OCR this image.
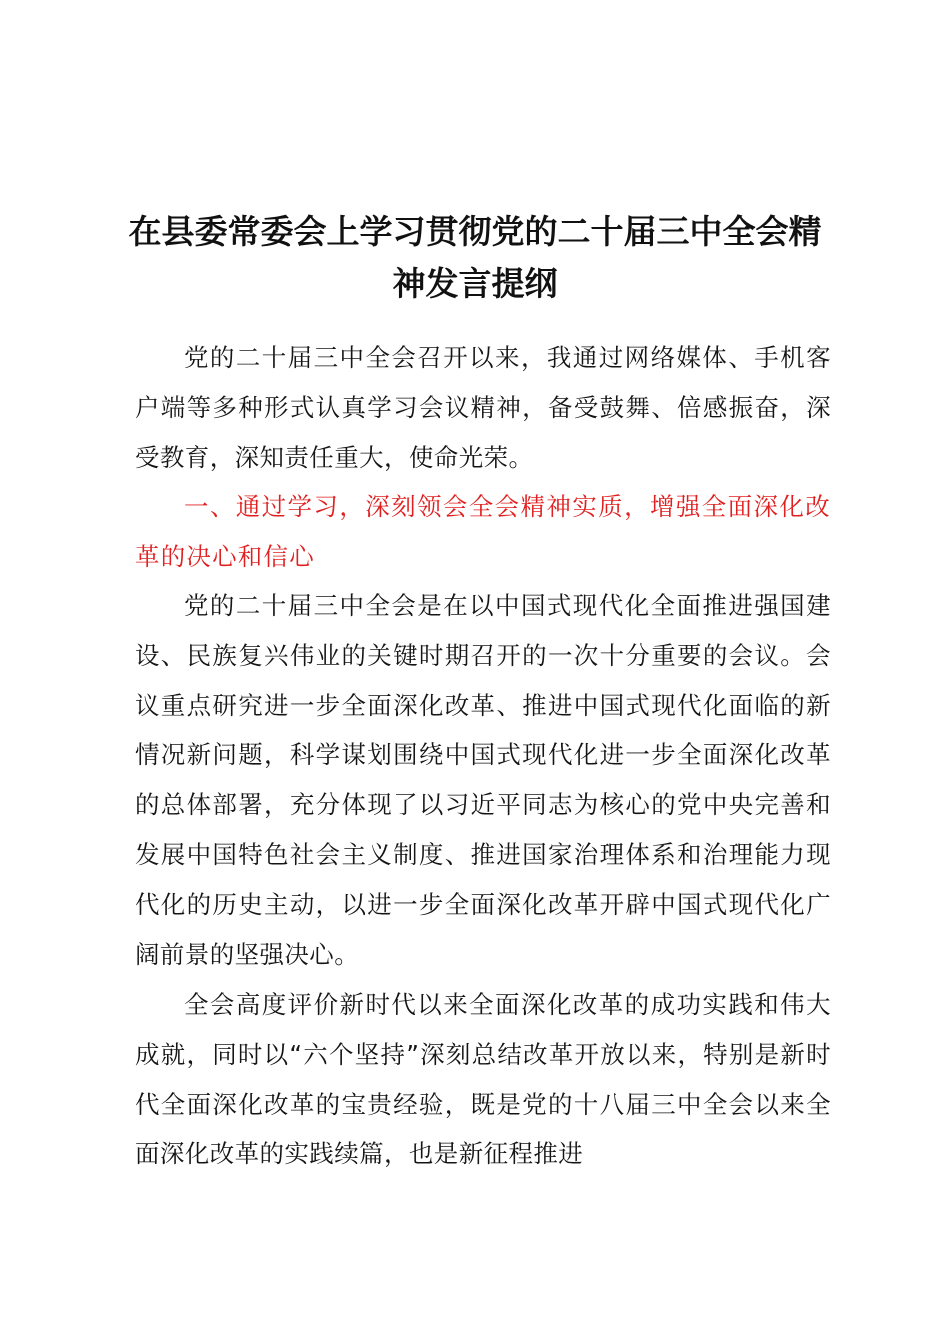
在县委常委会上学习贯彻党的二十届三中全会精神发言提纲

党的二十届三中全会召开以来，我通过网络媒体、手机客户端等多种形式认真学习会议精神，备受鼓舞、倍感振奋，深受教育，深知责任重大，使命光荣。

一、通过学习，深刻领会全会精神实质，增强全面深化改革的决心和信心

党的二十届三中全会是在以中国式现代化全面推进强国建设、民族复兴伟业的关键时期召开的一次十分重要的会议。会议重点研究进一步全面深化改革、推进中国式现代化面临的新情况新问题，科学谋划围绕中国式现代化进一步全面深化改革的总体部署，充分体现了以习近平同志为核心的党中央完善和发展中国特色社会主义制度、推进国家治理体系和治理能力现代化的历史主动，以进一步全面深化改革开辟中国式现代化广阔前景的坚强决心。

全会高度评价新时代以来全面深化改革的成功实践和伟大成就，同时以“六个坚持”深刻总结改革开放以来，特别是新时代全面深化改革的宝贵经验，既是党的十八届三中全会以来全面深化改革的实践续篇，也是新征程推进
